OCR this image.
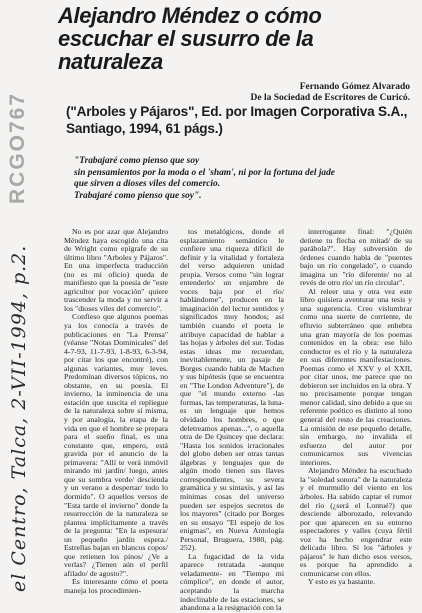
RCGO767
el Centro, Talca, 2-VII-1994, p.2.
Alejandro Méndez o cómo escuchar el susurro de la naturaleza
Fernando Gómez Alvarado
De la Sociedad de Escritores de Curicó.
("Arboles y Pájaros", Ed. por Imagen Corporativa S.A., Santiago, 1994, 61 págs.)
"Trabajaré como pienso que soy
sin pensamientos por la moda o el 'sham', ni por la fortuna del jade
que sirven a dioses viles del comercio.
Trabajaré como pienso que soy".

No es por azar que Alejandro Méndez haya escogido una cita de Wright como epígrafe de su último libro "Arboles y Pájaros". En una imperfecta traducción (no es mi oficio) queda de manifiesto que la poesía de "este agricultor por vocación" quiere trascender la moda y no servir a los "dioses viles del comercio".

Confieso que algunos poemas ya los conocía a través de publicaciones en "La Prensa" (véanse "Notas Dominicales" del 4-7-93, 11-7-93, 1-8-93, 6-3-94, por citar los que encontré), con algunas variantes, muy leves. Predominan diversos tópicos, no obstante, en su poesía. El invierno, la inminencia de una estación que suscita el repliegue de la naturaleza sobre sí misma, y por analogía, la etapa de la vida en que el hombre se prepara para el sueño final, es una constante que, empero, está gravida por el anuncio de la primavera: "Allí te verá inmóvil mirando mi jardín/ luego, antes que su sombra verde/ descienda y un verano a despertar/ todo lo dormido". O aquellos versos de "Esta tarde el invierno" donde la resurrección de la naturaleza se plantea implícitamente a través de la pregunta: "En la espesura/ un pequeño jardín espera./ Estrellas bajan en blancos copos/ que retienen los pinos/ ¿Ve a verlas? ¿Tienen aún el perfil afilado/ de agosto?".

Es interesante cómo el poeta maneja los procedimien-

tos metalógicos, donde el esplazamiento semántico le confiere una riqueza difícil de definir y la vitalidad y fortaleza del verso adquieren unidad propia. Versos como "sin lograr entenderlo/ un enjambre de voces baja por el río/ hablándome", producen en la imaginación del lector sentidos y significados muy hondos; así también cuando el poeta le atribuye capacidad de hablar a las hojas y árboles del sur. Todas estas ideas me recuerdan, inevitablemente, un pasaje de Borges cuando habla de Machen y sus hipótesis (que se encuentra en "The London Adventure"), de que "el mundo externo -las formas, las temperaturas, la luna- es un lenguaje que hemos olvidado los hombres, o que deletreamos apenas...", o aquella otra de De Quincey que declara: "Hasta los sonidos irracionales del globo deben ser otras tantas álgebras y lenguajes que de algún modo tienen sus llaves correspondientes, su severa gramática y su sintaxis, y así las mínimas cosas del universo pueden ser espejos secretos de los mayores" (citado por Borges en su ensayo "El espejo de los enigmas", en Nueva Antología Personal, Bruguera, 1980, pág. 252).

La fugacidad de la vida aparece retratada -aunque veladamente- en "Tiempo mi cómplice", en donde el autor, aceptando la marcha indeclinable de las estaciones, se abandona a la resignación con la

interrogante final: "¿Quién detiene tu flecha en mitad/ de su parábola?". Hay subversión de órdenes cuando habla de "puentes bajo un río congelado", o cuando imagina un "río diferente/ no al revés de otro río/ un río circular".

Al releer una y otra vez este libro quisiera aventurar una tesis y una sugerencia. Creo vislumbrar como una suerte de corriente, de efluvio subterráneo que enhebra una gran mayoría de los poemas contenidos en la obra: ese hilo conductor es el río y la naturaleza en sus diferentes manifestaciones. Poemas como el XXV y el XXII, por citar unos, me parece que no debieron ser incluidos en la obra. Y no precisamente porque tengan menor calidad, sino debido a que su referente poético es distinto al tono general del resto de las creaciones. La omisión de ese pequeño detalle, sin embargo, no invalida el esfuerzo del autor por comunicarnos sus vivencias interiores.

Alejandro Méndez ha escuchado la "soledad sonora" de la naturaleza y el murmullo del viento en los árboles. Ha sabido captar el rumor del río (¿será el Lontué?) que desciende alborozado, relevando por que aparecen en su entorno espectadores y valles (cuya fértil voz ha hecho engendrar este delicado libro. Si los "árboles y pájaros" le han dicho esos versos, es porque ha aprendido a comunicarse con ellos.

Y esto es ya bastante.
